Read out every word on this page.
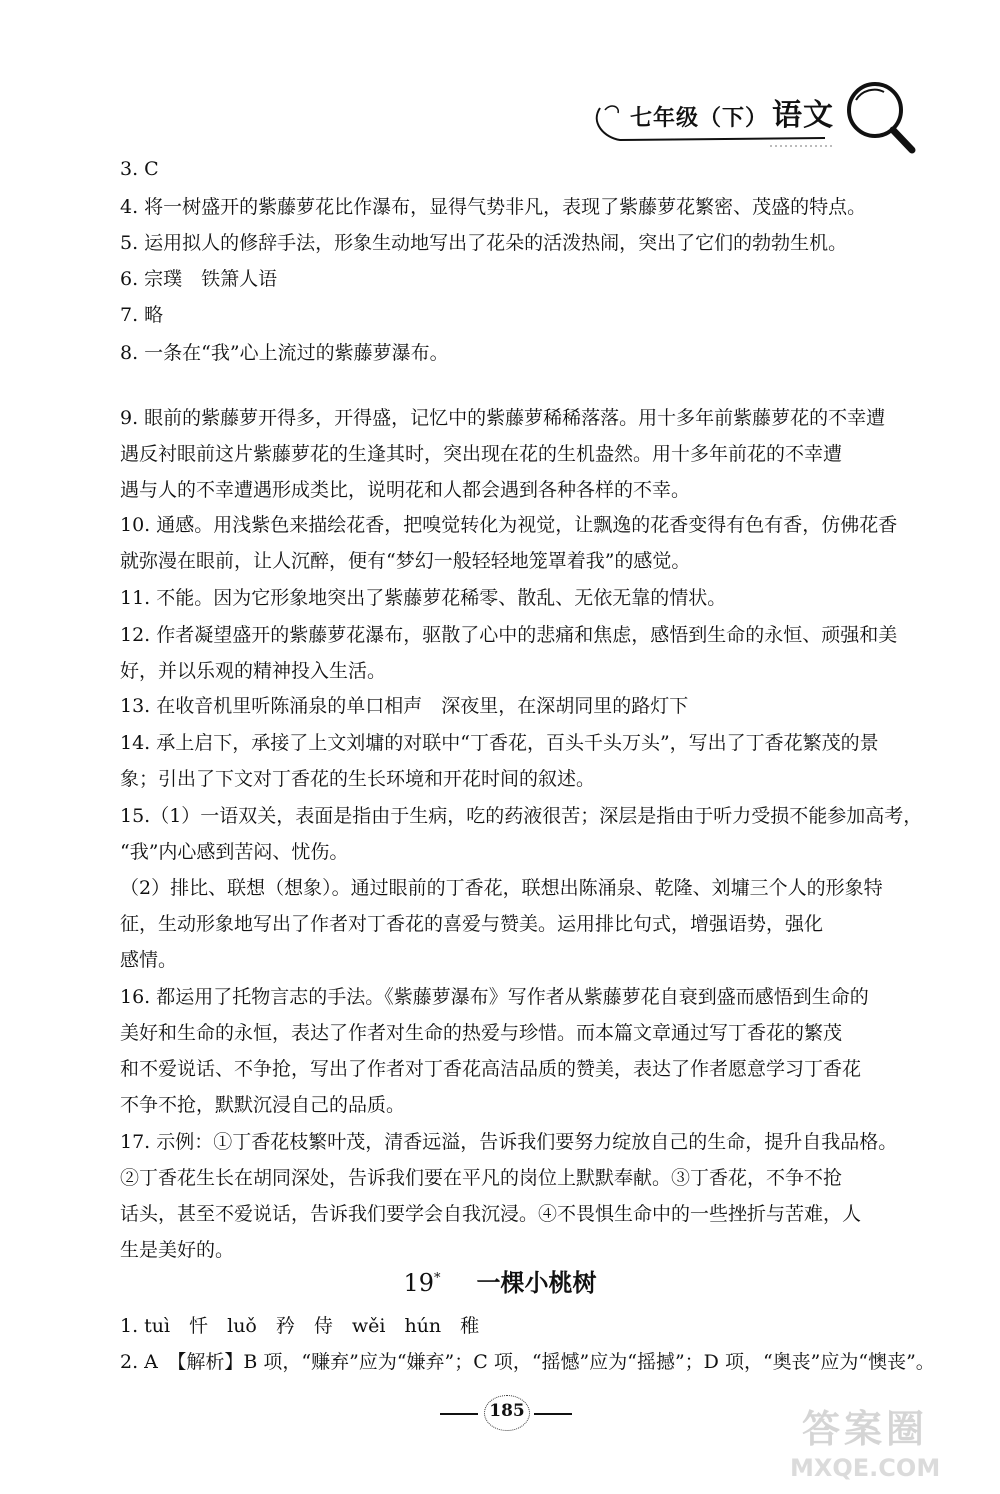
七年级（下） 语文
3. C
4. 将一树盛开的紫藤萝花比作瀑布，显得气势非凡，表现了紫藤萝花繁密、茂盛的特点。
5. 运用拟人的修辞手法，形象生动地写出了花朵的活泼热闹，突出了它们的勃勃生机。
6. 宗璞　铁箫人语
7. 略
8. 一条在“我”心上流过的紫藤萝瀑布。
9. 眼前的紫藤萝开得多，开得盛，记忆中的紫藤萝稀稀落落。用十多年前紫藤萝花的不幸遭
遇反衬眼前这片紫藤萝花的生逢其时，突出现在花的生机盎然。用十多年前花的不幸遭
遇与人的不幸遭遇形成类比，说明花和人都会遇到各种各样的不幸。
10. 通感。用浅紫色来描绘花香，把嗅觉转化为视觉，让飘逸的花香变得有色有香，仿佛花香
就弥漫在眼前，让人沉醉，便有“梦幻一般轻轻地笼罩着我”的感觉。
11. 不能。因为它形象地突出了紫藤萝花稀零、散乱、无依无靠的情状。
12. 作者凝望盛开的紫藤萝花瀑布，驱散了心中的悲痛和焦虑，感悟到生命的永恒、顽强和美
好，并以乐观的精神投入生活。
13. 在收音机里听陈涌泉的单口相声　深夜里，在深胡同里的路灯下
14. 承上启下，承接了上文刘墉的对联中“丁香花，百头千头万头”，写出了丁香花繁茂的景
象；引出了下文对丁香花的生长环境和开花时间的叙述。
15.（1）一语双关，表面是指由于生病，吃的药液很苦；深层是指由于听力受损不能参加高考，
“我”内心感到苦闷、忧伤。
（2）排比、联想（想象）。通过眼前的丁香花，联想出陈涌泉、乾隆、刘墉三个人的形象特
征，生动形象地写出了作者对丁香花的喜爱与赞美。运用排比句式，增强语势，强化
感情。
16. 都运用了托物言志的手法。《紫藤萝瀑布》写作者从紫藤萝花自衰到盛而感悟到生命的
美好和生命的永恒，表达了作者对生命的热爱与珍惜。而本篇文章通过写丁香花的繁茂
和不爱说话、不争抢，写出了作者对丁香花高洁品质的赞美，表达了作者愿意学习丁香花
不争不抢，默默沉浸自己的品质。
17. 示例：①丁香花枝繁叶茂，清香远溢，告诉我们要努力绽放自己的生命，提升自我品格。
②丁香花生长在胡同深处，告诉我们要在平凡的岗位上默默奉献。③丁香花，不争不抢
话头，甚至不爱说话，告诉我们要学会自我沉浸。④不畏惧生命中的一些挫折与苦难，人
生是美好的。
19* 一棵小桃树
1. tuì　忏　luǒ　矜　侍　wěi　hún　稚
2. A　【解析】B 项，“赚弃”应为“嫌弃”；C 项，“摇憾”应为“摇撼”；D 项，“奥丧”应为“懊丧”。
185	答案圈
MXQE.COM
